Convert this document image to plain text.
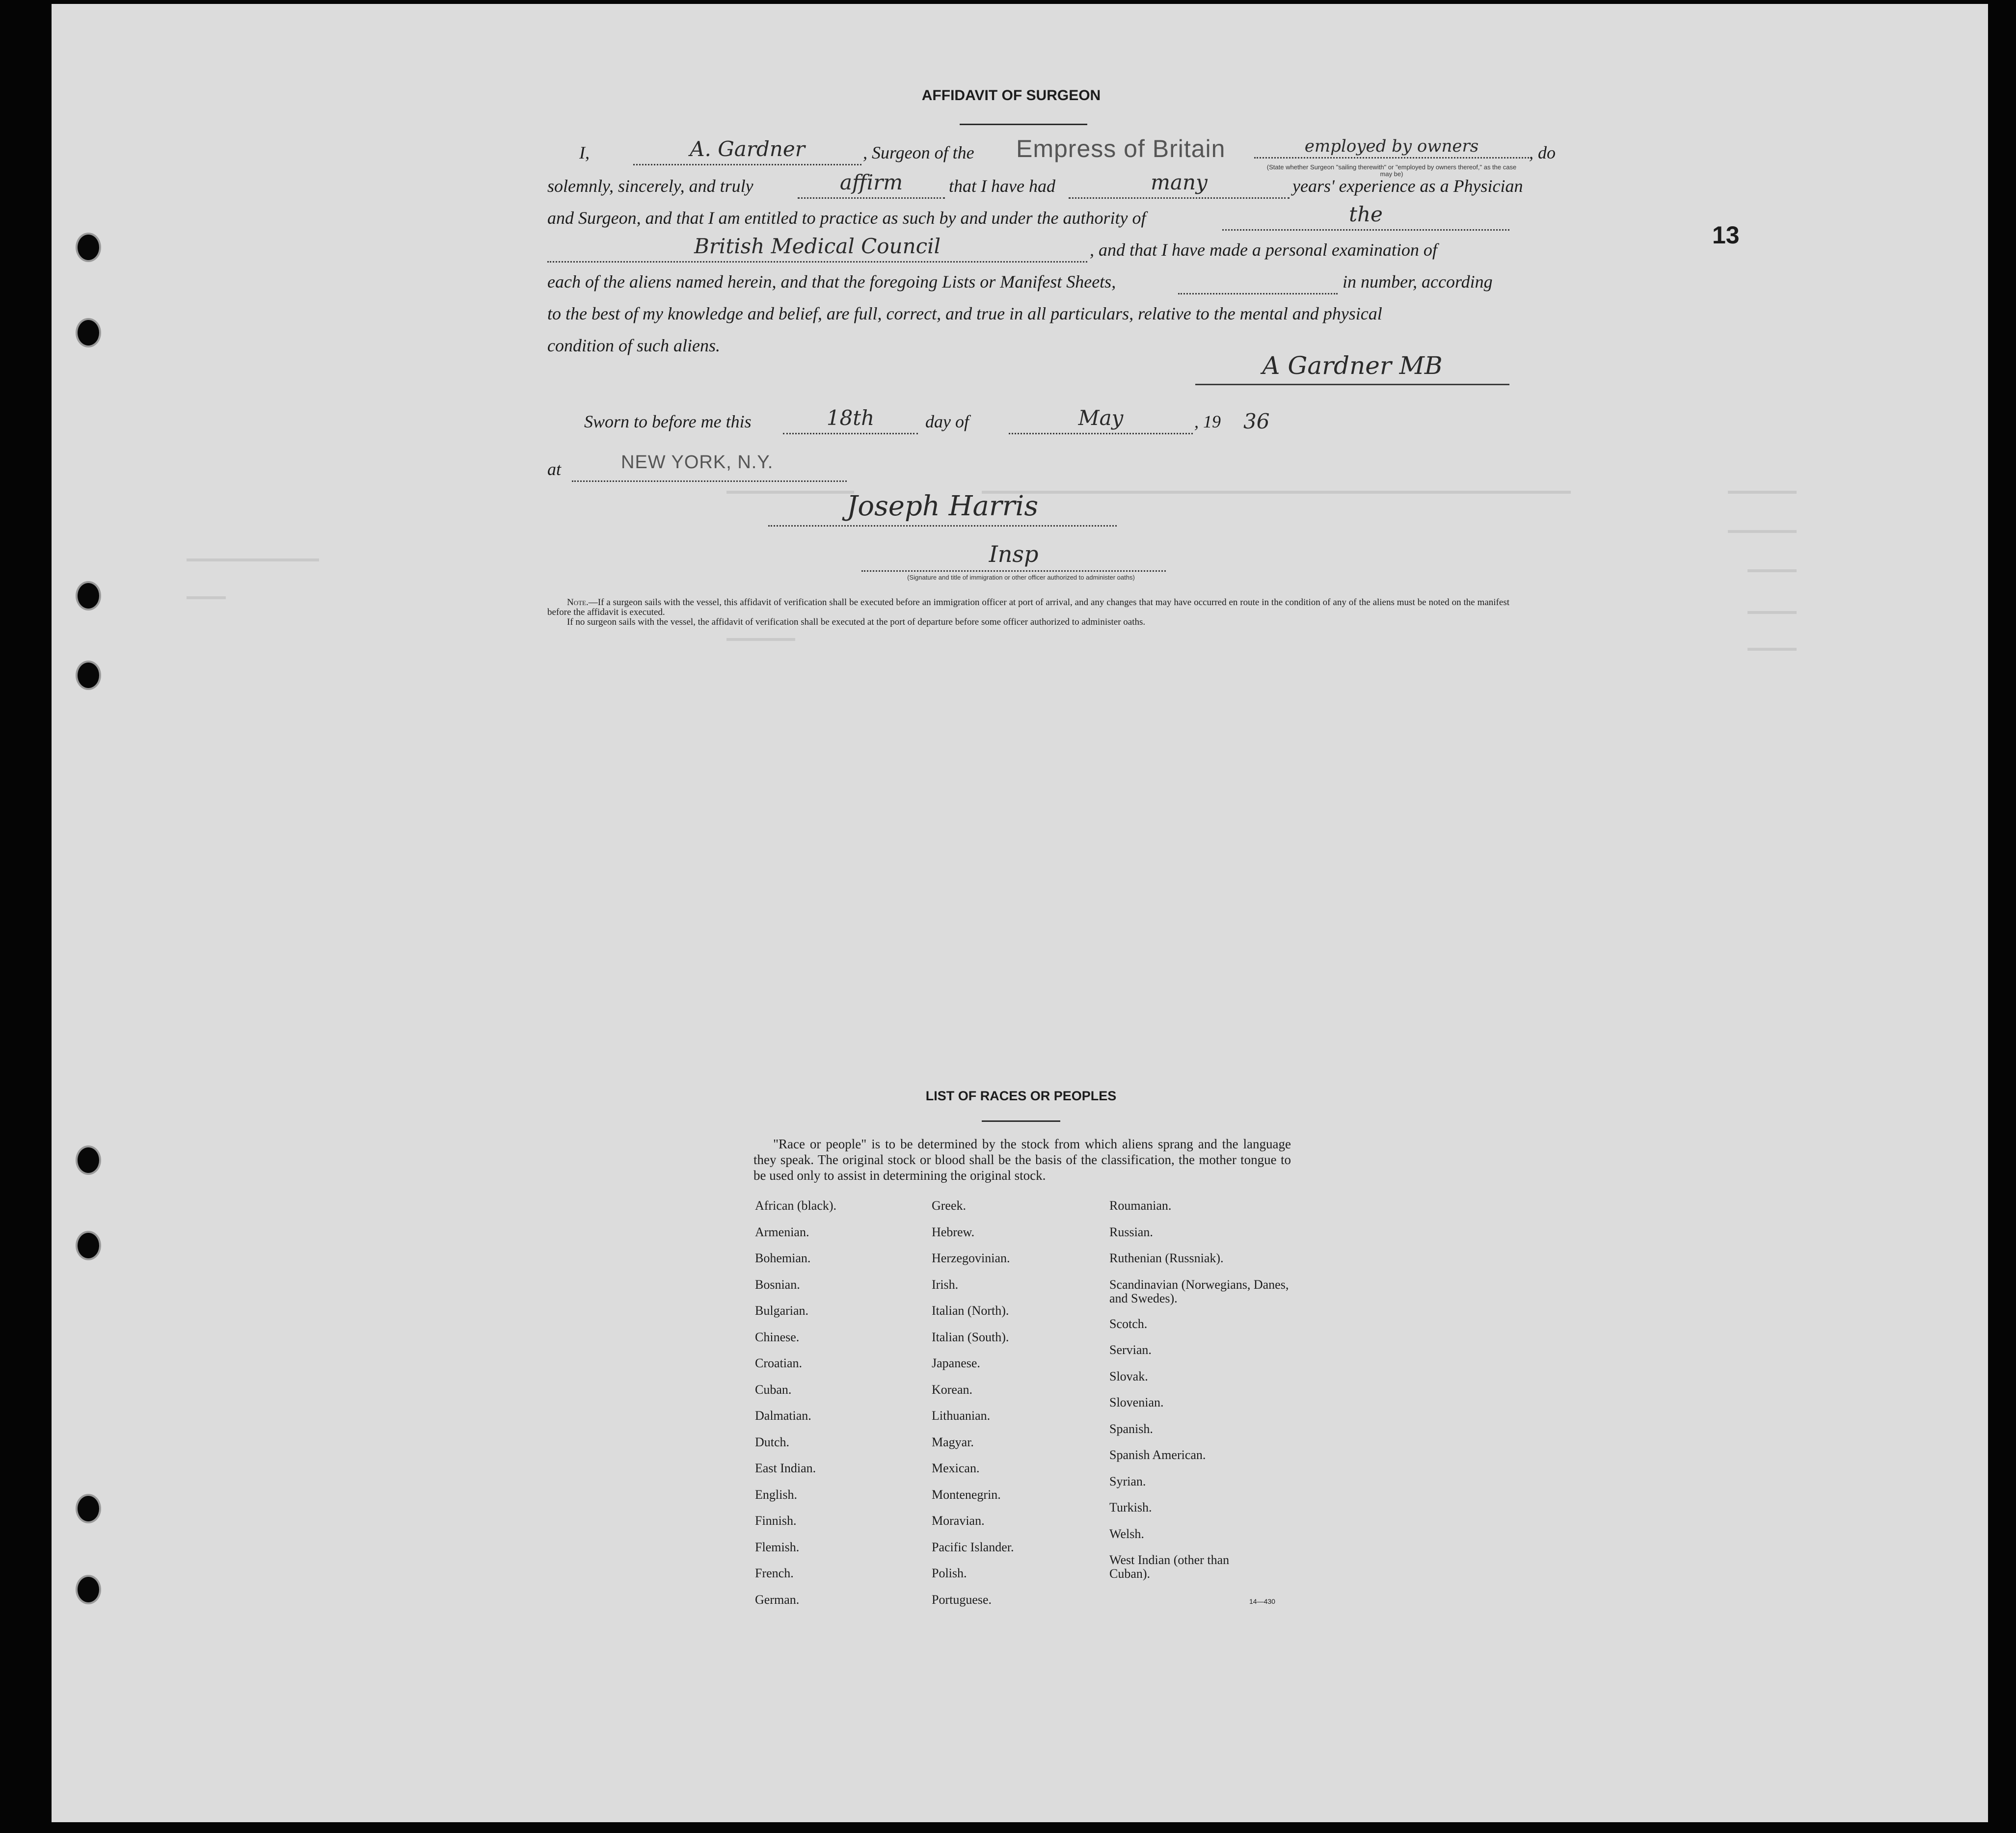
13
AFFIDAVIT OF SURGEON
I,	A. Gardner	, Surgeon of the Empress of Britain	employed by owners
(State whether Surgeon "sailing therewith" or "employed by owners thereof," as the case may be)
, do
solemnly, sincerely, and truly	affirm	that I have had	many	years' experience as a Physician
and Surgeon, and that I am entitled to practice as such by and under the authority of	the
British Medical Council	, and that I have made a personal examination of
each of the aliens named herein, and that the foregoing Lists or Manifest Sheets,	in number, according
to the best of my knowledge and belief, are full, correct, and true in all particulars, relative to the mental and physical
condition of such aliens.
A Gardner MB
Sworn to before me this	18th	day of	May	, 19 36
at	NEW YORK, N.Y.
Joseph Harris
Insp
(Signature and title of immigration or other officer authorized to administer oaths)
Note.—If a surgeon sails with the vessel, this affidavit of verification shall be executed before an immigration officer at port of arrival, and any changes that may have occurred en route in the condition of any of the aliens must be noted on the manifest before the affidavit is executed.
If no surgeon sails with the vessel, the affidavit of verification shall be executed at the port of departure before some officer authorized to administer oaths.
LIST OF RACES OR PEOPLES
"Race or people" is to be determined by the stock from which aliens sprang and the language they speak. The original stock or blood shall be the basis of the classification, the mother tongue to be used only to assist in determining the original stock.
African (black).
Armenian.
Bohemian.
Bosnian.
Bulgarian.
Chinese.
Croatian.
Cuban.
Dalmatian.
Dutch.
East Indian.
English.
Finnish.
Flemish.
French.
German.
Greek.
Hebrew.
Herzegovinian.
Irish.
Italian (North).
Italian (South).
Japanese.
Korean.
Lithuanian.
Magyar.
Mexican.
Montenegrin.
Moravian.
Pacific Islander.
Polish.
Portuguese.
Roumanian.
Russian.
Ruthenian (Russniak).
Scandinavian (Norwegians, Danes, and Swedes).
Scotch.
Servian.
Slovak.
Slovenian.
Spanish.
Spanish American.
Syrian.
Turkish.
Welsh.
West Indian (other than Cuban).
14—430
